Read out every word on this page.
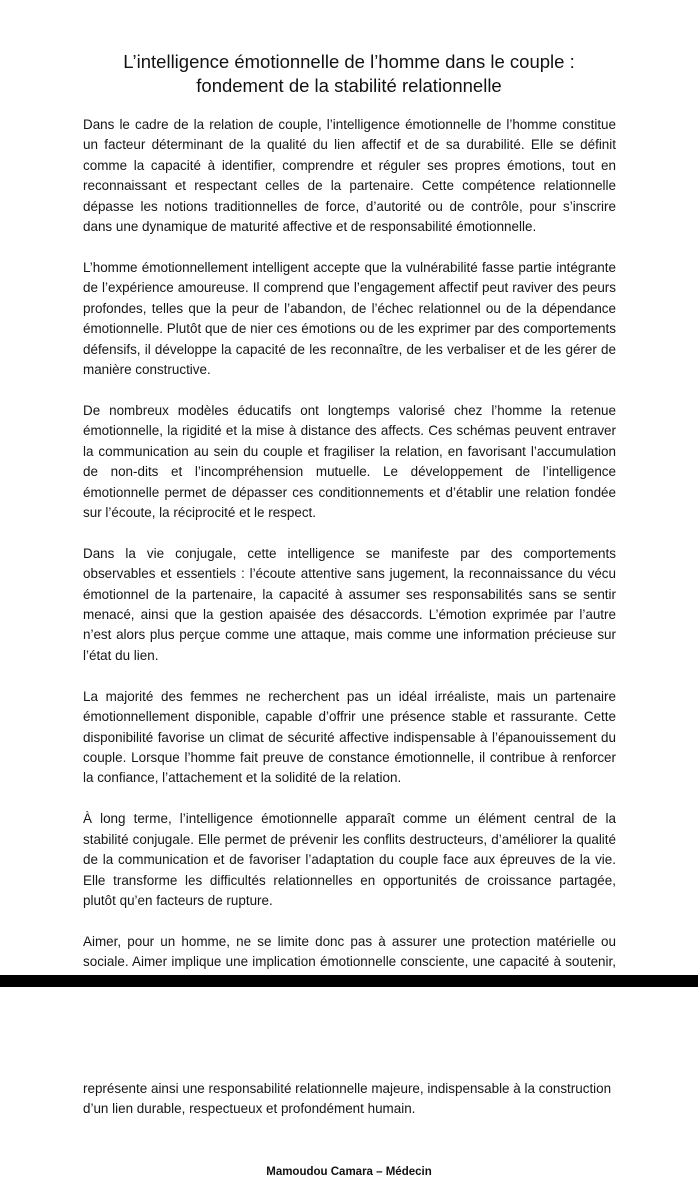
L’intelligence émotionnelle de l’homme dans le couple :
fondement de la stabilité relationnelle

Dans le cadre de la relation de couple, l’intelligence émotionnelle de l’homme constitue un facteur déterminant de la qualité du lien affectif et de sa durabilité. Elle se définit comme la capacité à identifier, comprendre et réguler ses propres émotions, tout en reconnaissant et respectant celles de la partenaire. Cette compétence relationnelle dépasse les notions traditionnelles de force, d’autorité ou de contrôle, pour s’inscrire dans une dynamique de maturité affective et de responsabilité émotionnelle.

L’homme émotionnellement intelligent accepte que la vulnérabilité fasse partie intégrante de l’expérience amoureuse. Il comprend que l’engagement affectif peut raviver des peurs profondes, telles que la peur de l’abandon, de l’échec relationnel ou de la dépendance émotionnelle. Plutôt que de nier ces émotions ou de les exprimer par des comportements défensifs, il développe la capacité de les reconnaître, de les verbaliser et de les gérer de manière constructive.

De nombreux modèles éducatifs ont longtemps valorisé chez l’homme la retenue émotionnelle, la rigidité et la mise à distance des affects. Ces schémas peuvent entraver la communication au sein du couple et fragiliser la relation, en favorisant l’accumulation de non-dits et l’incompréhension mutuelle. Le développement de l’intelligence émotionnelle permet de dépasser ces conditionnements et d’établir une relation fondée sur l’écoute, la réciprocité et le respect.

Dans la vie conjugale, cette intelligence se manifeste par des comportements observables et essentiels : l’écoute attentive sans jugement, la reconnaissance du vécu émotionnel de la partenaire, la capacité à assumer ses responsabilités sans se sentir menacé, ainsi que la gestion apaisée des désaccords. L’émotion exprimée par l’autre n’est alors plus perçue comme une attaque, mais comme une information précieuse sur l’état du lien.

La majorité des femmes ne recherchent pas un idéal irréaliste, mais un partenaire émotionnellement disponible, capable d’offrir une présence stable et rassurante. Cette disponibilité favorise un climat de sécurité affective indispensable à l’épanouissement du couple. Lorsque l’homme fait preuve de constance émotionnelle, il contribue à renforcer la confiance, l’attachement et la solidité de la relation.

À long terme, l’intelligence émotionnelle apparaît comme un élément central de la stabilité conjugale. Elle permet de prévenir les conflits destructeurs, d’améliorer la qualité de la communication et de favoriser l’adaptation du couple face aux épreuves de la vie. Elle transforme les difficultés relationnelles en opportunités de croissance partagée, plutôt qu’en facteurs de rupture.

Aimer, pour un homme, ne se limite donc pas à assurer une protection matérielle ou sociale. Aimer implique une implication émotionnelle consciente, une capacité à soutenir,

représente ainsi une responsabilité relationnelle majeure, indispensable à la construction d’un lien durable, respectueux et profondément humain.

Mamoudou Camara – Médecin
